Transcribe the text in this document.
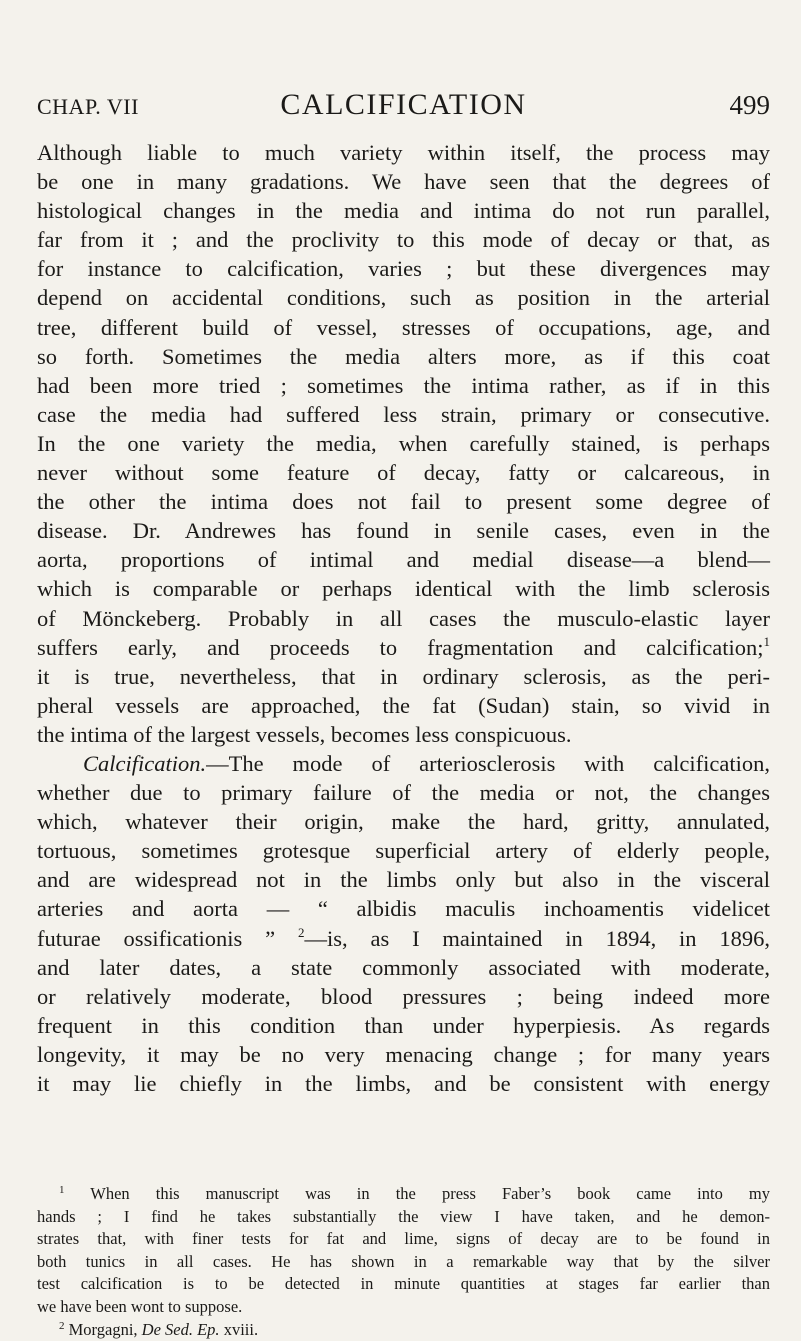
CHAP. VII	CALCIFICATION	499
Although liable to much variety within itself, the process may
be one in many gradations. We have seen that the degrees of
histological changes in the media and intima do not run parallel,
far from it ; and the proclivity to this mode of decay or that, as
for instance to calcification, varies ; but these divergences may
depend on accidental conditions, such as position in the arterial
tree, different build of vessel, stresses of occupations, age, and
so forth. Sometimes the media alters more, as if this coat
had been more tried ; sometimes the intima rather, as if in this
case the media had suffered less strain, primary or consecutive.
In the one variety the media, when carefully stained, is perhaps
never without some feature of decay, fatty or calcareous, in
the other the intima does not fail to present some degree of
disease. Dr. Andrewes has found in senile cases, even in the
aorta, proportions of intimal and medial disease—a blend—
which is comparable or perhaps identical with the limb sclerosis
of Mönckeberg. Probably in all cases the musculo-elastic layer
suffers early, and proceeds to fragmentation and calcification;$^1$
it is true, nevertheless, that in ordinary sclerosis, as the peri-
pheral vessels are approached, the fat (Sudan) stain, so vivid in
the intima of the largest vessels, becomes less conspicuous.
Calcification.—The mode of arteriosclerosis with calcification,
whether due to primary failure of the media or not, the changes
which, whatever their origin, make the hard, gritty, annulated,
tortuous, sometimes grotesque superficial artery of elderly people,
and are widespread not in the limbs only but also in the visceral
arteries and aorta — “ albidis maculis inchoamentis videlicet
futurae ossificationis ” $^2$—is, as I maintained in 1894, in 1896,
and later dates, a state commonly associated with moderate,
or relatively moderate, blood pressures ; being indeed more
frequent in this condition than under hyperpiesis. As regards
longevity, it may be no very menacing change ; for many years
it may lie chiefly in the limbs, and be consistent with energy
$^1$ When this manuscript was in the press Faber’s book came into my
hands ; I find he takes substantially the view I have taken, and he demon-
strates that, with finer tests for fat and lime, signs of decay are to be found in
both tunics in all cases. He has shown in a remarkable way that by the silver
test calcification is to be detected in minute quantities at stages far earlier than
we have been wont to suppose.
$^2$ Morgagni, De Sed. Ep. xviii.
